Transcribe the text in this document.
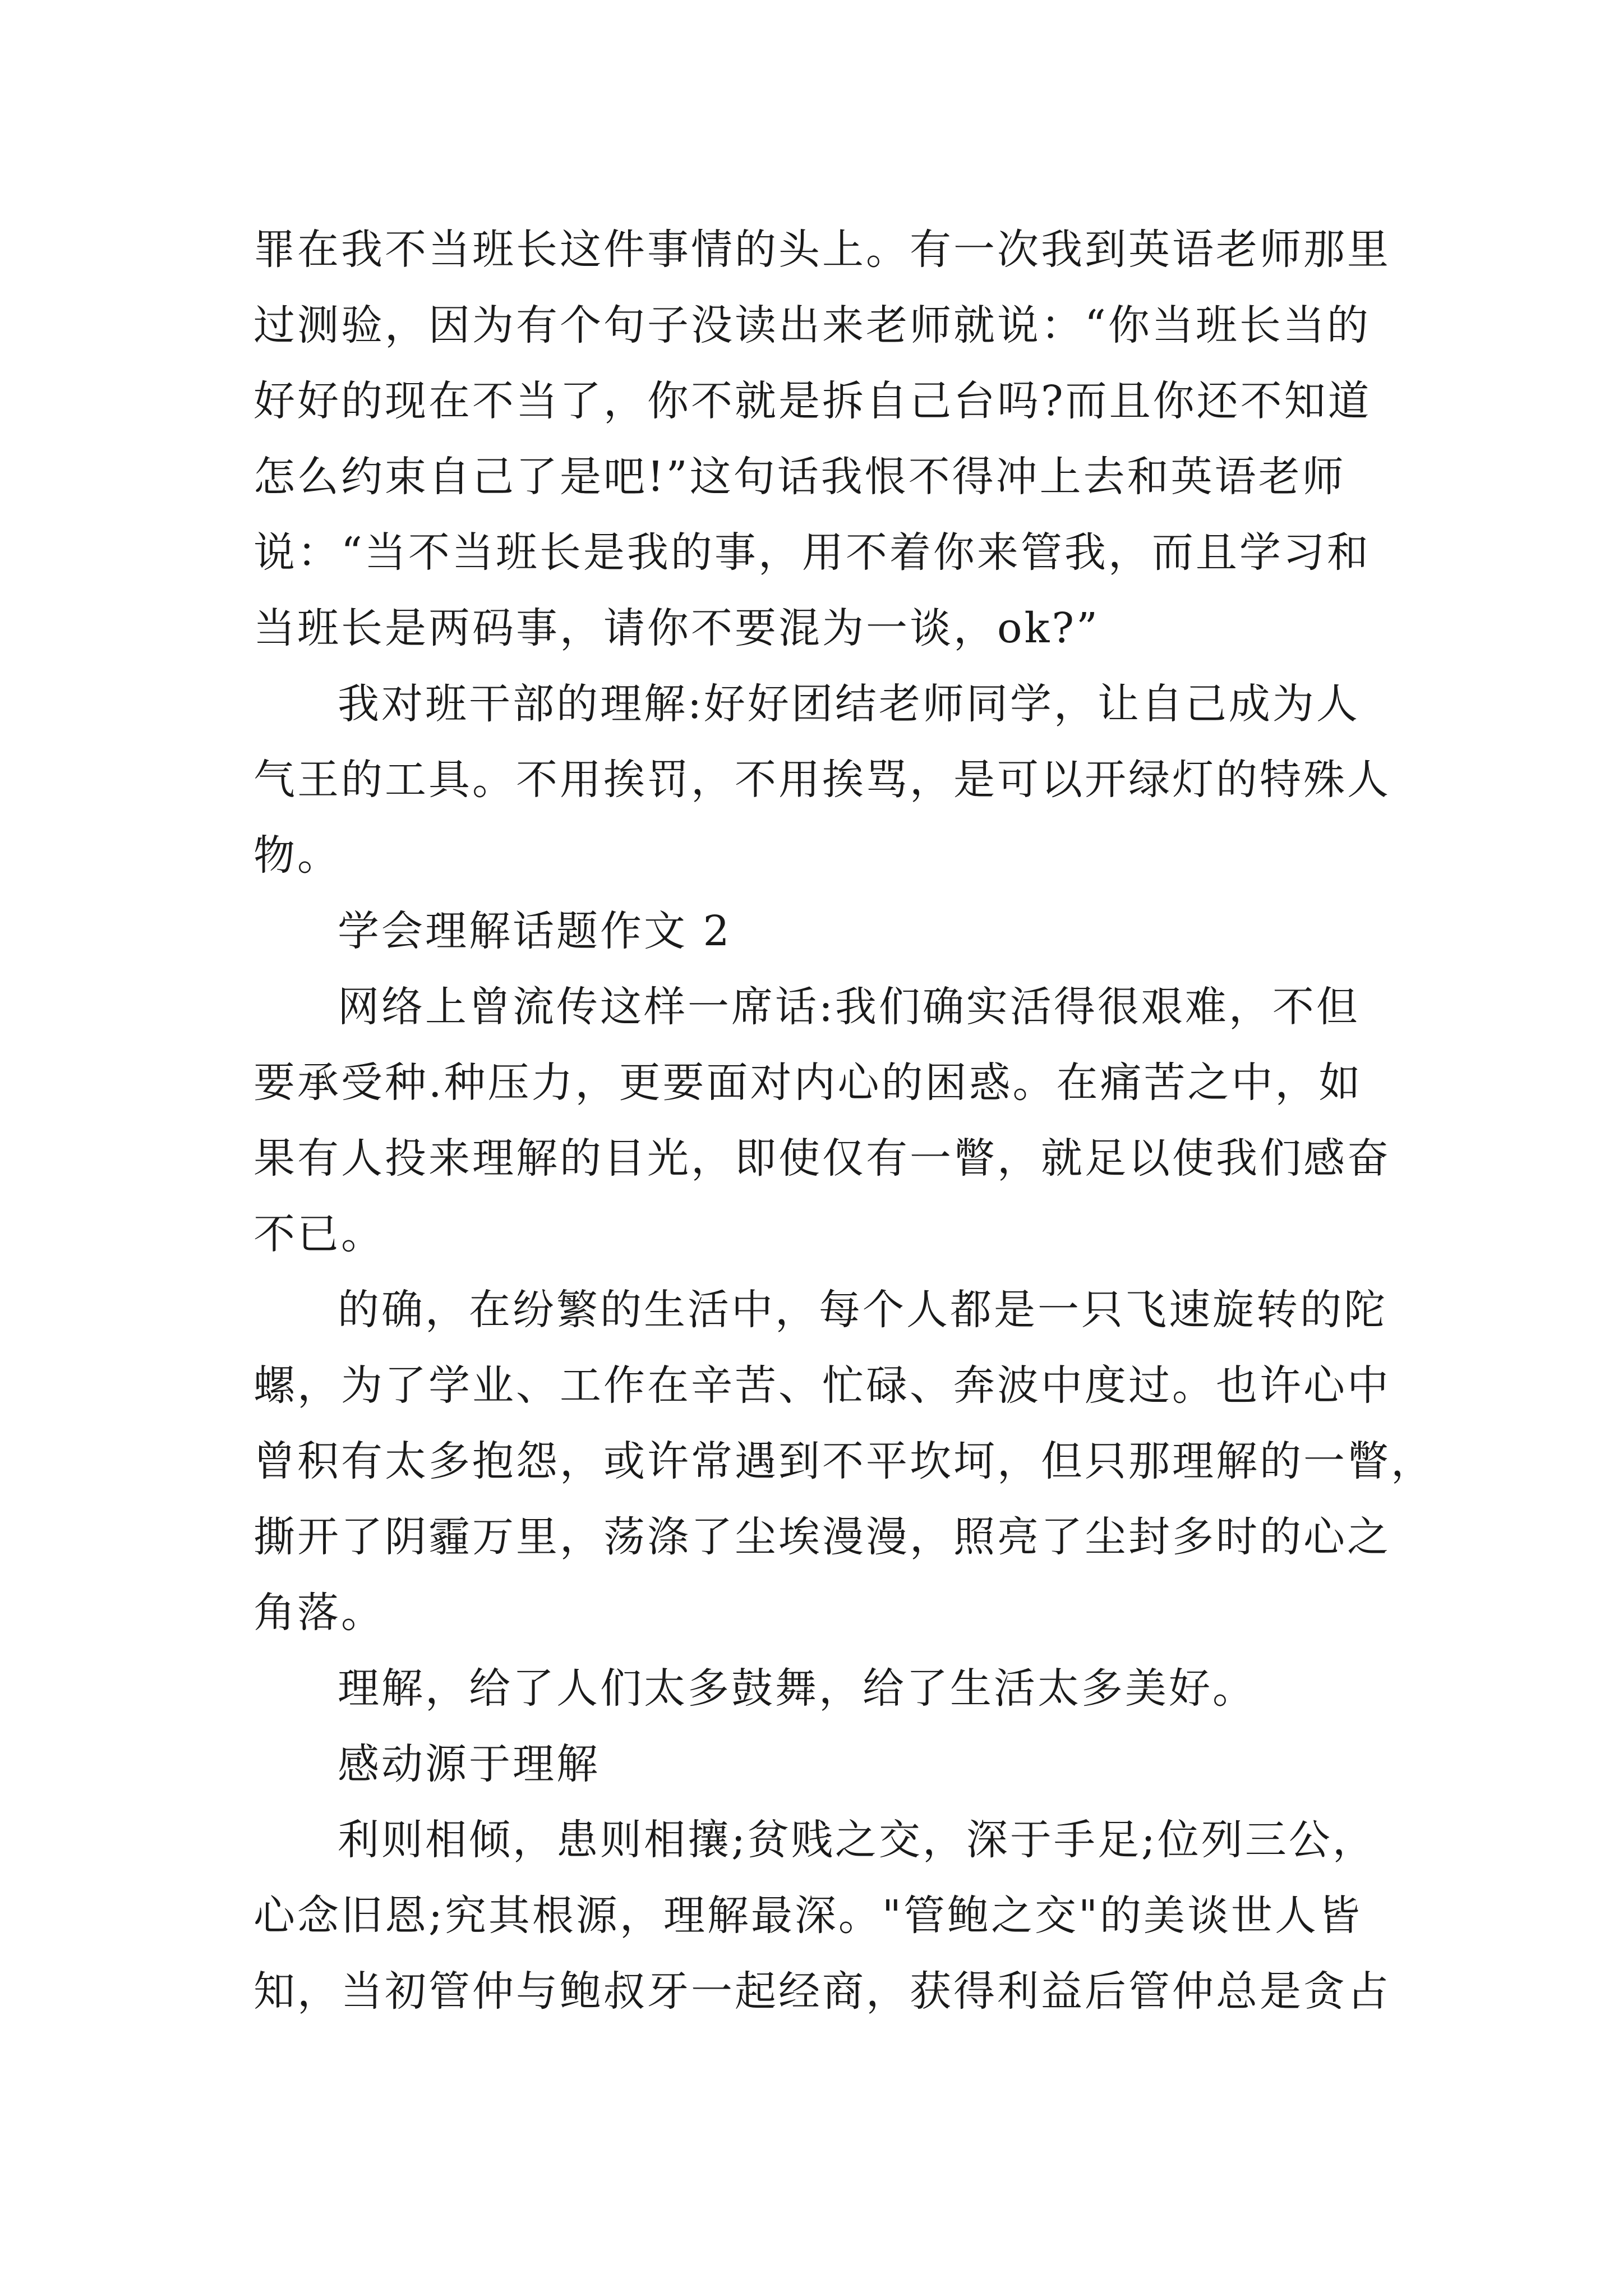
罪在我不当班长这件事情的头上。有一次我到英语老师那里
过测验，因为有个句子没读出来老师就说：“你当班长当的
好好的现在不当了，你不就是拆自己台吗?而且你还不知道
怎么约束自己了是吧!”这句话我恨不得冲上去和英语老师
说：“当不当班长是我的事，用不着你来管我，而且学习和
当班长是两码事，请你不要混为一谈，ok?”
我对班干部的理解:好好团结老师同学，让自己成为人
气王的工具。不用挨罚，不用挨骂，是可以开绿灯的特殊人
物。
学会理解话题作文 2
网络上曾流传这样一席话:我们确实活得很艰难，不但
要承受种.种压力，更要面对内心的困惑。在痛苦之中，如
果有人投来理解的目光，即使仅有一瞥，就足以使我们感奋
不已。
的确，在纷繁的生活中，每个人都是一只飞速旋转的陀
螺，为了学业、工作在辛苦、忙碌、奔波中度过。也许心中
曾积有太多抱怨，或许常遇到不平坎坷，但只那理解的一瞥，
撕开了阴霾万里，荡涤了尘埃漫漫，照亮了尘封多时的心之
角落。
理解，给了人们太多鼓舞，给了生活太多美好。
感动源于理解
利则相倾，患则相攘;贫贱之交，深于手足;位列三公，
心念旧恩;究其根源，理解最深。"管鲍之交"的美谈世人皆
知，当初管仲与鲍叔牙一起经商，获得利益后管仲总是贪占
